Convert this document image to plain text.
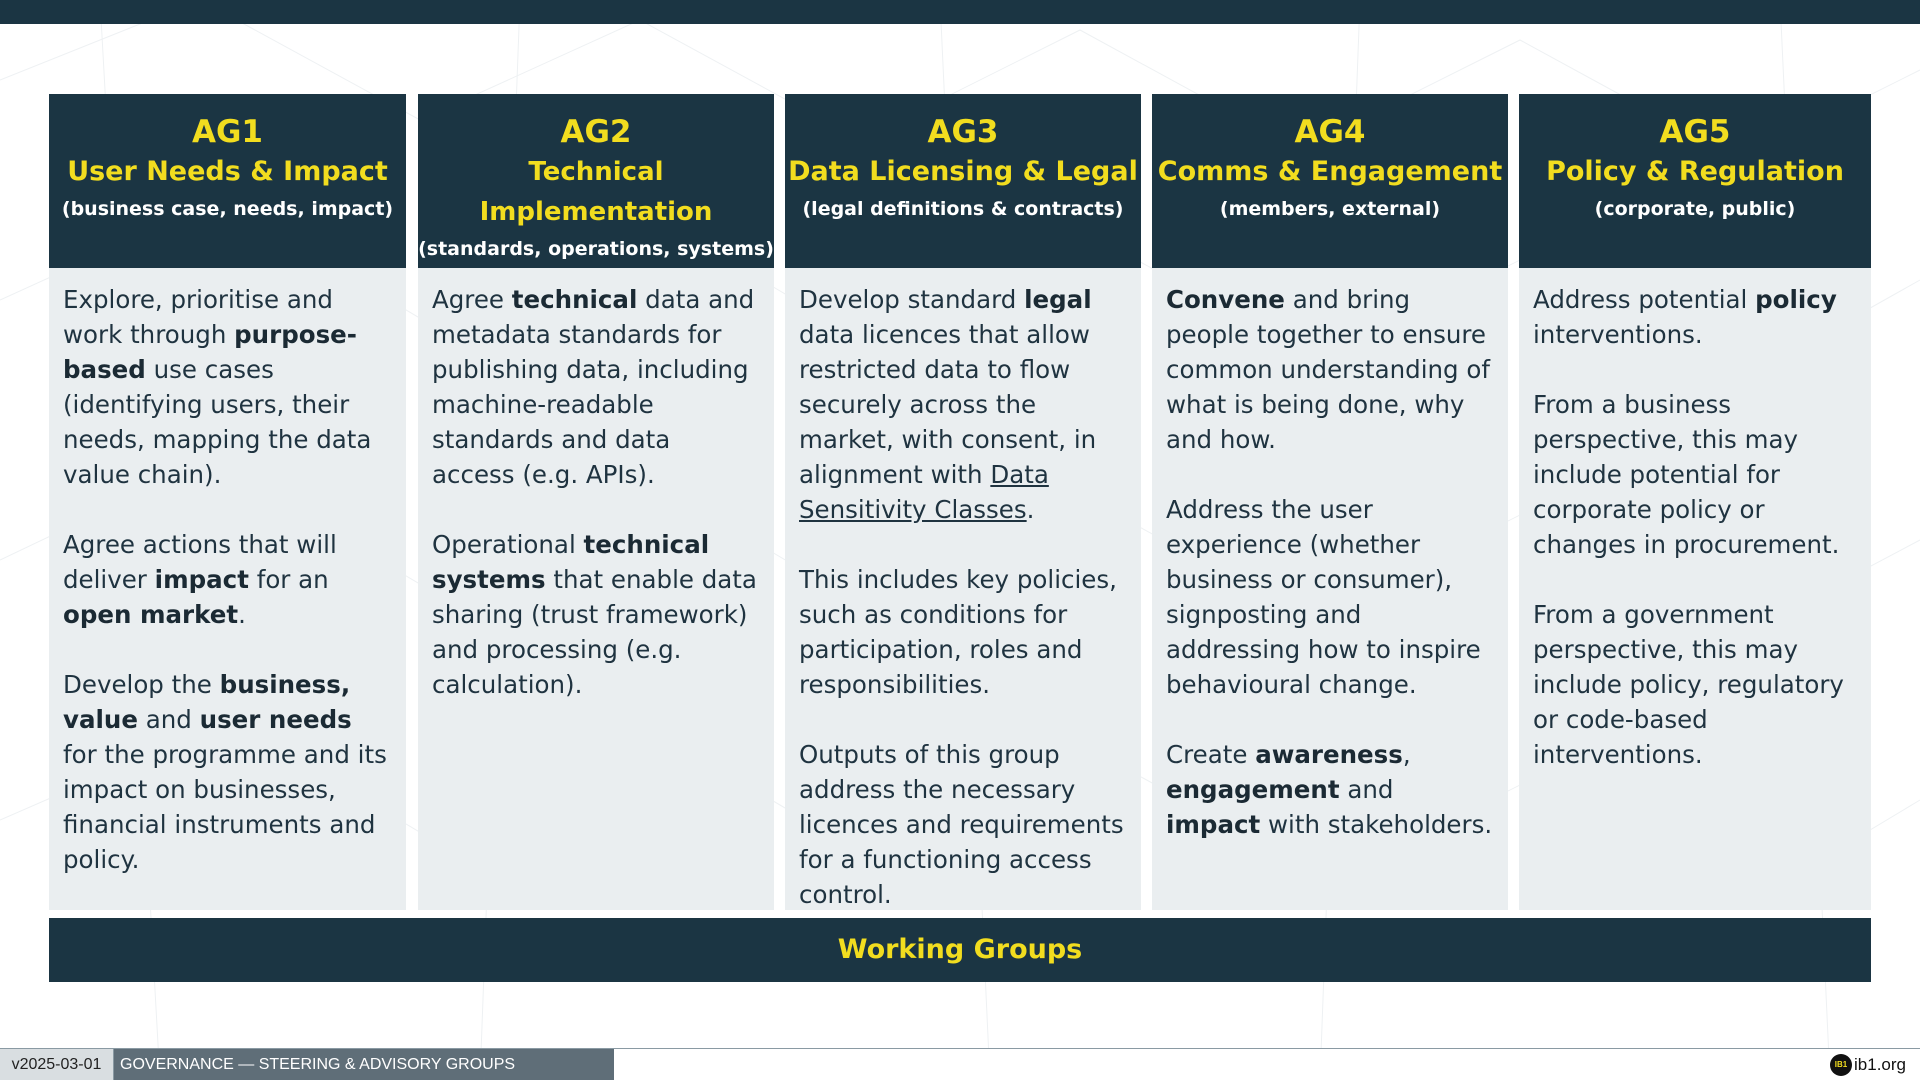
AG1
User Needs & Impact
(business case, needs, impact)

Explore, prioritise and work through purpose-based use cases (identifying users, their needs, mapping the data value chain).

Agree actions that will deliver impact for an open market.

Develop the business, value and user needs for the programme and its impact on businesses, financial instruments and policy.

AG2
Technical Implementation
(standards, operations, systems)

Agree technical data and metadata standards for publishing data, including machine-readable standards and data access (e.g. APIs).

Operational technical systems that enable data sharing (trust framework) and processing (e.g. calculation).

AG3
Data Licensing & Legal
(legal definitions & contracts)

Develop standard legal data licences that allow restricted data to flow securely across the market, with consent, in alignment with Data Sensitivity Classes.

This includes key policies, such as conditions for participation, roles and responsibilities.

Outputs of this group address the necessary licences and requirements for a functioning access control.

AG4
Comms & Engagement
(members, external)

Convene and bring people together to ensure common understanding of what is being done, why and how.

Address the user experience (whether business or consumer), signposting and addressing how to inspire behavioural change.

Create awareness, engagement and impact with stakeholders.

AG5
Policy & Regulation
(corporate, public)

Address potential policy interventions.

From a business perspective, this may include potential for corporate policy or changes in procurement.

From a government perspective, this may include policy, regulatory or code-based interventions.

Working Groups
v2025-03-01	GOVERNANCE — STEERING & ADVISORY GROUPS	IB1 ib1.org
